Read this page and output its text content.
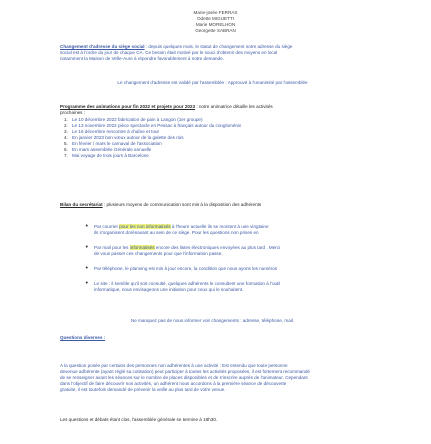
Marie-josée FERRAS
Odette MIGUETTI
Marie MORELHON
Georgette SABRAN
Changement d'adresse du siège social : depuis quelques mois, le statut de changement notre adresse du siège
social est à l'ordre du jour de chaque CA. Ce besoin était motivé par le souci d'obtenir des moyens en local
notamment la Maison de Velle-Aure à répondre favorablement à notre demande.
Le changement d'adresse est validé par l'assemblée : Approuvé à l'unanimité par l'assemblée
Programme des animations pour fin 2022 et projets pour 2023 : notre animatrice détaille les activités
prochaines :
1. Le 10 décembre 2022 fabrication de pain à Langon (1er groupe)
2. Le 13 novembre 2022 pièce spectacle en Pessac à français autour du conglomérat
3. Le 16 décembre rencontre à chaîne et tour
4. En janvier 2023 bon vœux autour de la galette des rois
5. En février / mars le carnaval de l'association
6. En mars assemblée Générale annuelle
7. Mai voyage de trois jours à Barcelone
Bilan du secrétariat : plusieurs moyens de communication sont mis à la disposition des adhérents
•	Par courrier pour les non informatisés à l'heure actuelle ils se montent à une vingtaine
ils s'organisent dorénavant au sein de ce siège. Pour les questions non prises en
•	Par mail pour les informatisés encore des listes électroniques envoyées au plus tard . Merci
de vous passer ces changements pour que l'information passe.
•	Par téléphone, le planning est mis à jour encore, la condition que nous ayons les numéros
•	Le site : il semble qu'il soit consulté, quelques adhérents le consultent une formation à l'outil
informatique, nous envisageons une initiation pour ceux qui le souhaitent.
Ne manquez pas de nous informer voir changements : adresse, téléphone, mail.
Questions diverses :
A la question posée par certains des personnes non adhérentes à une activité : Est entendu que toute personne
devenue adhérente (ayant réglé sa cotisation) peut participer à toutes les activités proposées, il est fortement recommandé
de se renseigner avant les séances sur le nombre de places disponibles et de s'inscrire auprès de l'animateur. Cependant
dans l'objectif de faire découvrir nos activités, un adhérent nous accordons à la première séance de découverte
gratuite, il est toutefois demandé de prévenir la veille au plus tard de votre venue.
Les questions et débats étant clos, l'assemblée générale se termine à 18h30.
